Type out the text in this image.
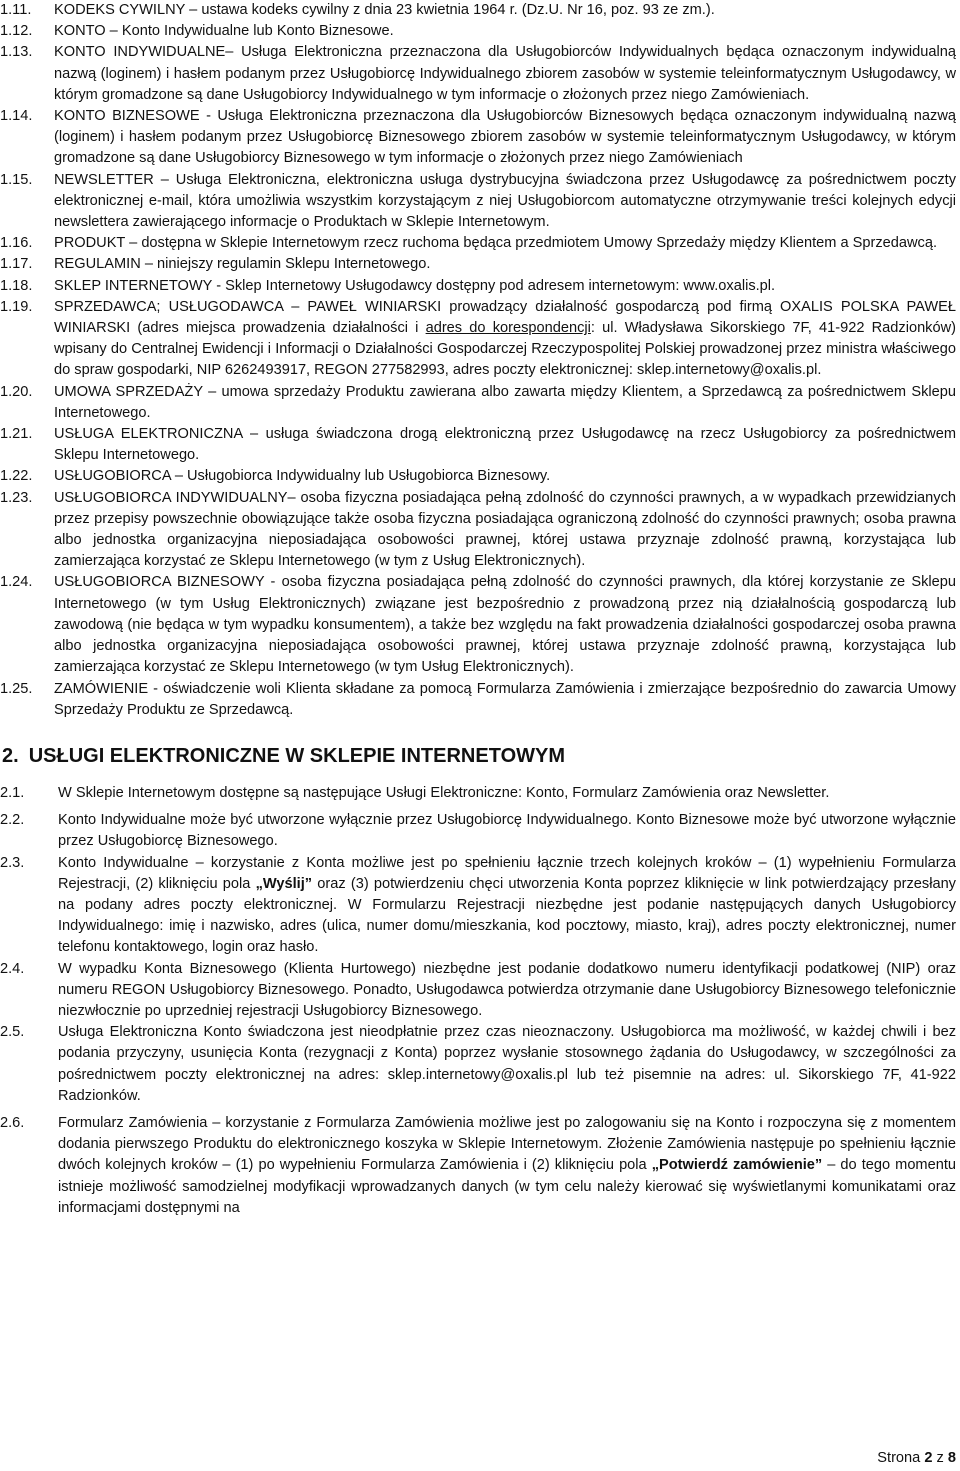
1.11.	KODEKS CYWILNY – ustawa kodeks cywilny z dnia 23 kwietnia 1964 r. (Dz.U. Nr 16, poz. 93 ze zm.).
1.12.	KONTO – Konto Indywidualne lub Konto Biznesowe.
1.13.	KONTO INDYWIDUALNE– Usługa Elektroniczna przeznaczona dla Usługobiorców Indywidualnych będąca oznaczonym indywidualną nazwą (loginem) i hasłem podanym przez Usługobiorcę Indywidualnego zbiorem zasobów w systemie teleinformatycznym Usługodawcy, w którym gromadzone są dane Usługobiorcy Indywidualnego w tym informacje o złożonych przez niego Zamówieniach.
1.14.	KONTO BIZNESOWE - Usługa Elektroniczna przeznaczona dla Usługobiorców Biznesowych będąca oznaczonym indywidualną nazwą (loginem) i hasłem podanym przez Usługobiorcę Biznesowego zbiorem zasobów w systemie teleinformatycznym Usługodawcy, w którym gromadzone są dane Usługobiorcy Biznesowego w tym informacje o złożonych przez niego Zamówieniach
1.15.	NEWSLETTER – Usługa Elektroniczna, elektroniczna usługa dystrybucyjna świadczona przez Usługodawcę za pośrednictwem poczty elektronicznej e-mail, która umożliwia wszystkim korzystającym z niej Usługobiorcom automatyczne otrzymywanie treści kolejnych edycji newslettera zawierającego informacje o Produktach w Sklepie Internetowym.
1.16.	PRODUKT – dostępna w Sklepie Internetowym rzecz ruchoma będąca przedmiotem Umowy Sprzedaży między Klientem a Sprzedawcą.
1.17.	REGULAMIN – niniejszy regulamin Sklepu Internetowego.
1.18.	SKLEP INTERNETOWY - Sklep Internetowy Usługodawcy dostępny pod adresem internetowym: www.oxalis.pl.
1.19.	SPRZEDAWCA; USŁUGODAWCA – PAWEŁ WINIARSKI prowadzący działalność gospodarczą pod firmą OXALIS POLSKA PAWEŁ WINIARSKI (adres miejsca prowadzenia działalności i adres do korespondencji: ul. Władysława Sikorskiego 7F, 41-922 Radzionków) wpisany do Centralnej Ewidencji i Informacji o Działalności Gospodarczej Rzeczypospolitej Polskiej prowadzonej przez ministra właściwego do spraw gospodarki, NIP 6262493917, REGON 277582993, adres poczty elektronicznej: sklep.internetowy@oxalis.pl.
1.20.	UMOWA SPRZEDAŻY – umowa sprzedaży Produktu zawierana albo zawarta między Klientem, a Sprzedawcą za pośrednictwem Sklepu Internetowego.
1.21.	USŁUGA ELEKTRONICZNA – usługa świadczona drogą elektroniczną przez Usługodawcę na rzecz Usługobiorcy za pośrednictwem Sklepu Internetowego.
1.22.	USŁUGOBIORCA – Usługobiorca Indywidualny lub Usługobiorca Biznesowy.
1.23.	USŁUGOBIORCA INDYWIDUALNY– osoba fizyczna posiadająca pełną zdolność do czynności prawnych, a w wypadkach przewidzianych przez przepisy powszechnie obowiązujące także osoba fizyczna posiadająca ograniczoną zdolność do czynności prawnych; osoba prawna albo jednostka organizacyjna nieposiadająca osobowości prawnej, której ustawa przyznaje zdolność prawną, korzystająca lub zamierzająca korzystać ze Sklepu Internetowego (w tym z Usług Elektronicznych).
1.24.	USŁUGOBIORCA BIZNESOWY - osoba fizyczna posiadająca pełną zdolność do czynności prawnych, dla której korzystanie ze Sklepu Internetowego (w tym Usług Elektronicznych) związane jest bezpośrednio z prowadzoną przez nią działalnością gospodarczą lub zawodową (nie będąca w tym wypadku konsumentem), a także bez względu na fakt prowadzenia działalności gospodarczej osoba prawna albo jednostka organizacyjna nieposiadająca osobowości prawnej, której ustawa przyznaje zdolność prawną, korzystająca lub zamierzająca korzystać ze Sklepu Internetowego (w tym Usług Elektronicznych).
1.25.	ZAMÓWIENIE - oświadczenie woli Klienta składane za pomocą Formularza Zamówienia i zmierzające bezpośrednio do zawarcia Umowy Sprzedaży Produktu ze Sprzedawcą.
2. USŁUGI ELEKTRONICZNE W SKLEPIE INTERNETOWYM
2.1.	W Sklepie Internetowym dostępne są następujące Usługi Elektroniczne: Konto, Formularz Zamówienia oraz Newsletter.
2.2.	Konto Indywidualne może być utworzone wyłącznie przez Usługobiorcę Indywidualnego. Konto Biznesowe może być utworzone wyłącznie przez Usługobiorcę Biznesowego.
2.3.	Konto Indywidualne – korzystanie z Konta możliwe jest po spełnieniu łącznie trzech kolejnych kroków – (1) wypełnieniu Formularza Rejestracji, (2) kliknięciu pola „Wyślij” oraz (3) potwierdzeniu chęci utworzenia Konta poprzez kliknięcie w link potwierdzający przesłany na podany adres poczty elektronicznej. W Formularzu Rejestracji niezbędne jest podanie następujących danych Usługobiorcy Indywidualnego: imię i nazwisko, adres (ulica, numer domu/mieszkania, kod pocztowy, miasto, kraj), adres poczty elektronicznej, numer telefonu kontaktowego, login oraz hasło.
2.4.	W wypadku Konta Biznesowego (Klienta Hurtowego) niezbędne jest podanie dodatkowo numeru identyfikacji podatkowej (NIP) oraz numeru REGON Usługobiorcy Biznesowego. Ponadto, Usługodawca potwierdza otrzymanie dane Usługobiorcy Biznesowego telefonicznie niezwłocznie po uprzedniej rejestracji Usługobiorcy Biznesowego.
2.5.	Usługa Elektroniczna Konto świadczona jest nieodpłatnie przez czas nieoznaczony. Usługobiorca ma możliwość, w każdej chwili i bez podania przyczyny, usunięcia Konta (rezygnacji z Konta) poprzez wysłanie stosownego żądania do Usługodawcy, w szczególności za pośrednictwem poczty elektronicznej na adres: sklep.internetowy@oxalis.pl lub też pisemnie na adres: ul. Sikorskiego 7F, 41-922 Radzionków.
2.6.	Formularz Zamówienia – korzystanie z Formularza Zamówienia możliwe jest po zalogowaniu się na Konto i rozpoczyna się z momentem dodania pierwszego Produktu do elektronicznego koszyka w Sklepie Internetowym. Złożenie Zamówienia następuje po spełnieniu łącznie dwóch kolejnych kroków – (1) po wypełnieniu Formularza Zamówienia i (2) kliknięciu pola „Potwierdź zamówienie” – do tego momentu istnieje możliwość samodzielnej modyfikacji wprowadzanych danych (w tym celu należy kierować się wyświetlanymi komunikatami oraz informacjami dostępnymi na
Strona 2 z 8
